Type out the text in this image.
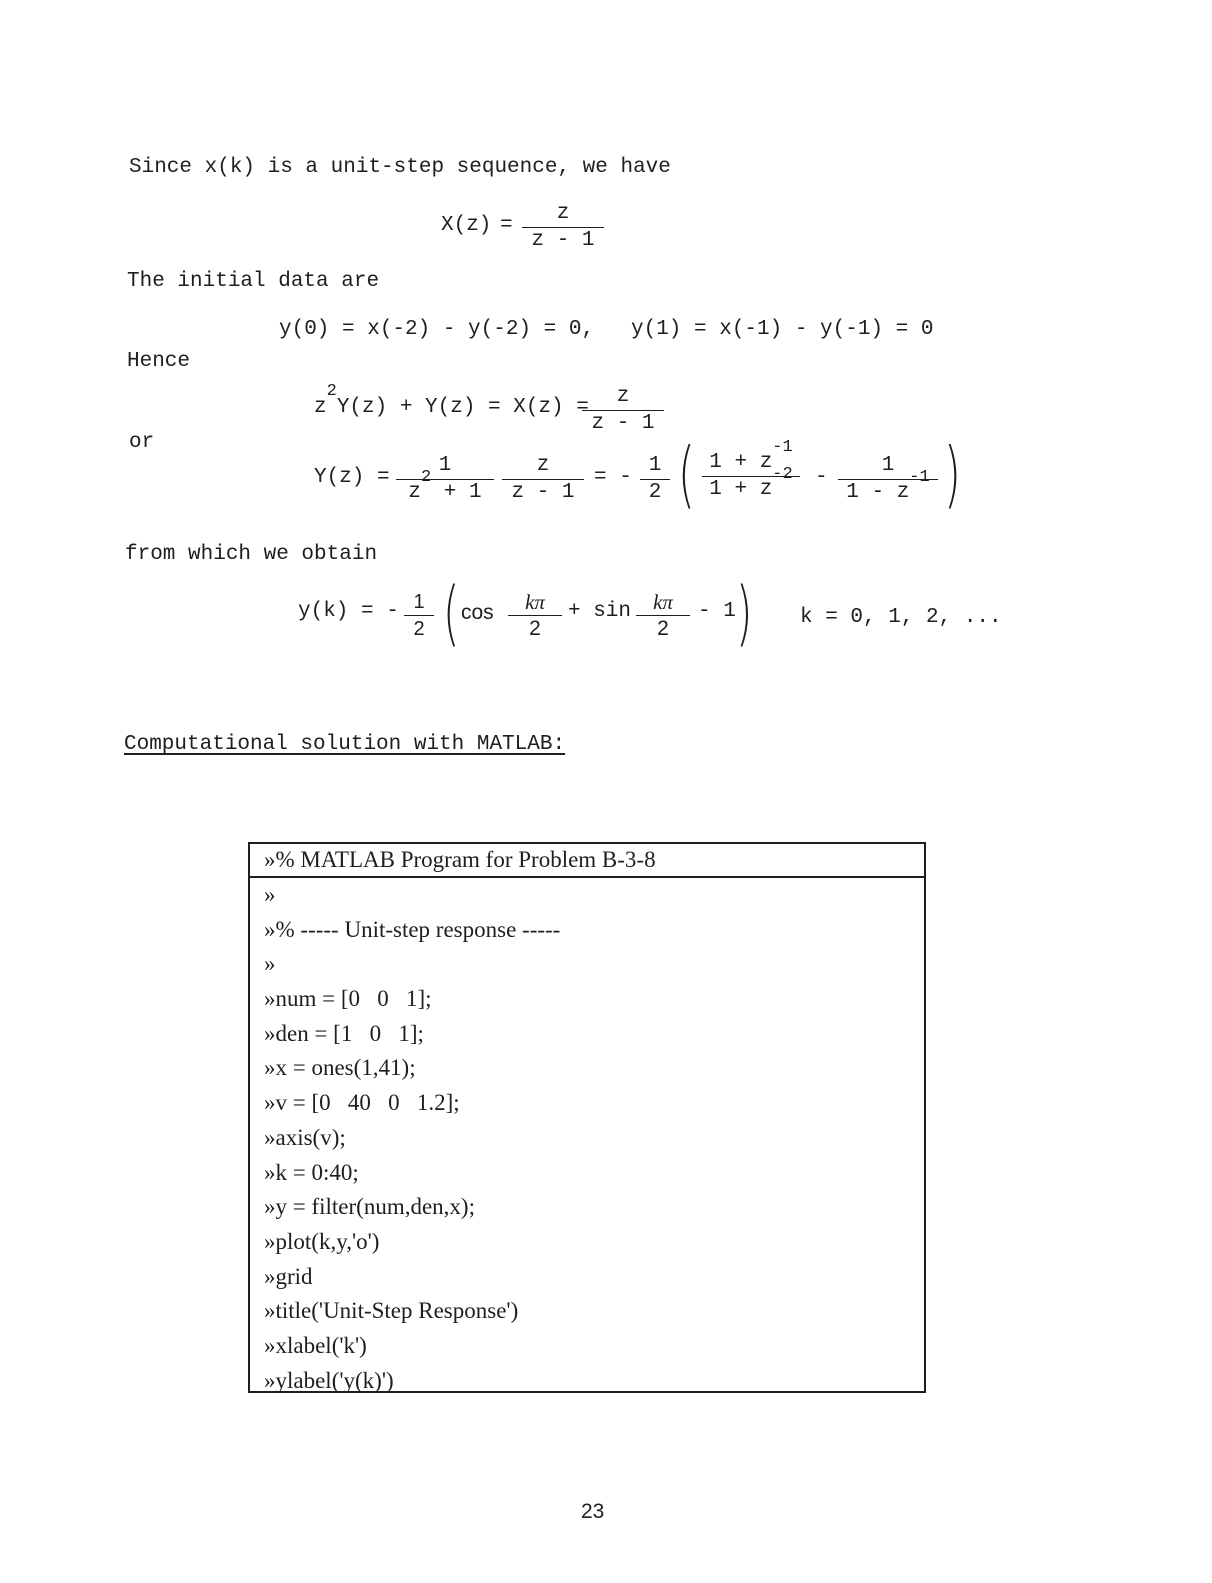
Since x(k) is a unit-step sequence, we have
$X(z) = \frac{z}{z - 1}$
The initial data are
y(0) = x(-2) - y(-2) = 0, y(1) = x(-1) - y(-1) = 0
Hence
$z^2Y(z) + Y(z) = X(z)$ =
$\frac{z}{z - 1}$
or
$Y(z) = \frac{1}{z^2 + 1} \frac{z}{z - 1}$ = - $\frac{1}{2}$ ( $\frac{1 + z^{-1}}{1 + z^{-2}} - \frac{1}{1 - z^{-1}}$ )
from which we obtain
y(k) = - $\frac{1}{2}$ ( $\cos \frac{k\pi}{2} + \sin \frac{k\pi}{2} - 1$ ) k = 0, 1, 2, ...
Computational solution with MATLAB:
»% MATLAB Program for Problem B-3-8
»
»% ----- Unit-step response -----
»
»num = [0   0   1];
»den = [1   0   1];
»x = ones(1,41);
»v = [0   40   0   1.2];
»axis(v);
»k = 0:40;
»y = filter(num,den,x);
»plot(k,y,'o')
»grid
»title('Unit-Step Response')
»xlabel('k')
»ylabel('y(k)')
23
